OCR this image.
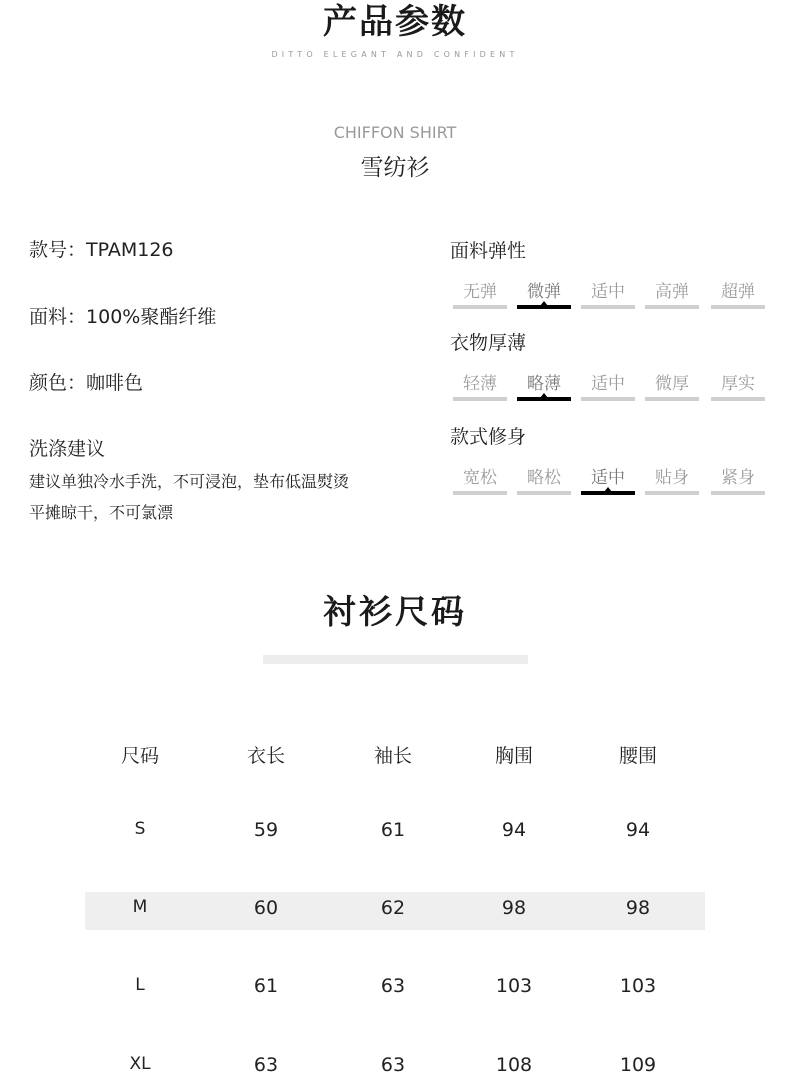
产品参数
DITTO ELEGANT AND CONFIDENT
CHIFFON SHIRT
雪纺衫
款号：TPAM126
面料：100%聚酯纤维
颜色：咖啡色
洗涤建议
建议单独冷水手洗，不可浸泡，垫布低温熨烫
平摊晾干，不可氯漂
面料弹性
无弹	微弹	适中	高弹	超弹
衣物厚薄
轻薄	略薄	适中	微厚	厚实
款式修身
宽松	略松	适中	贴身	紧身
衬衫尺码
尺码	衣长	袖长	胸围	腰围
S	59	61	94	94
M	60	62	98	98
L	61	63	103	103
XL	63	63	108	109
